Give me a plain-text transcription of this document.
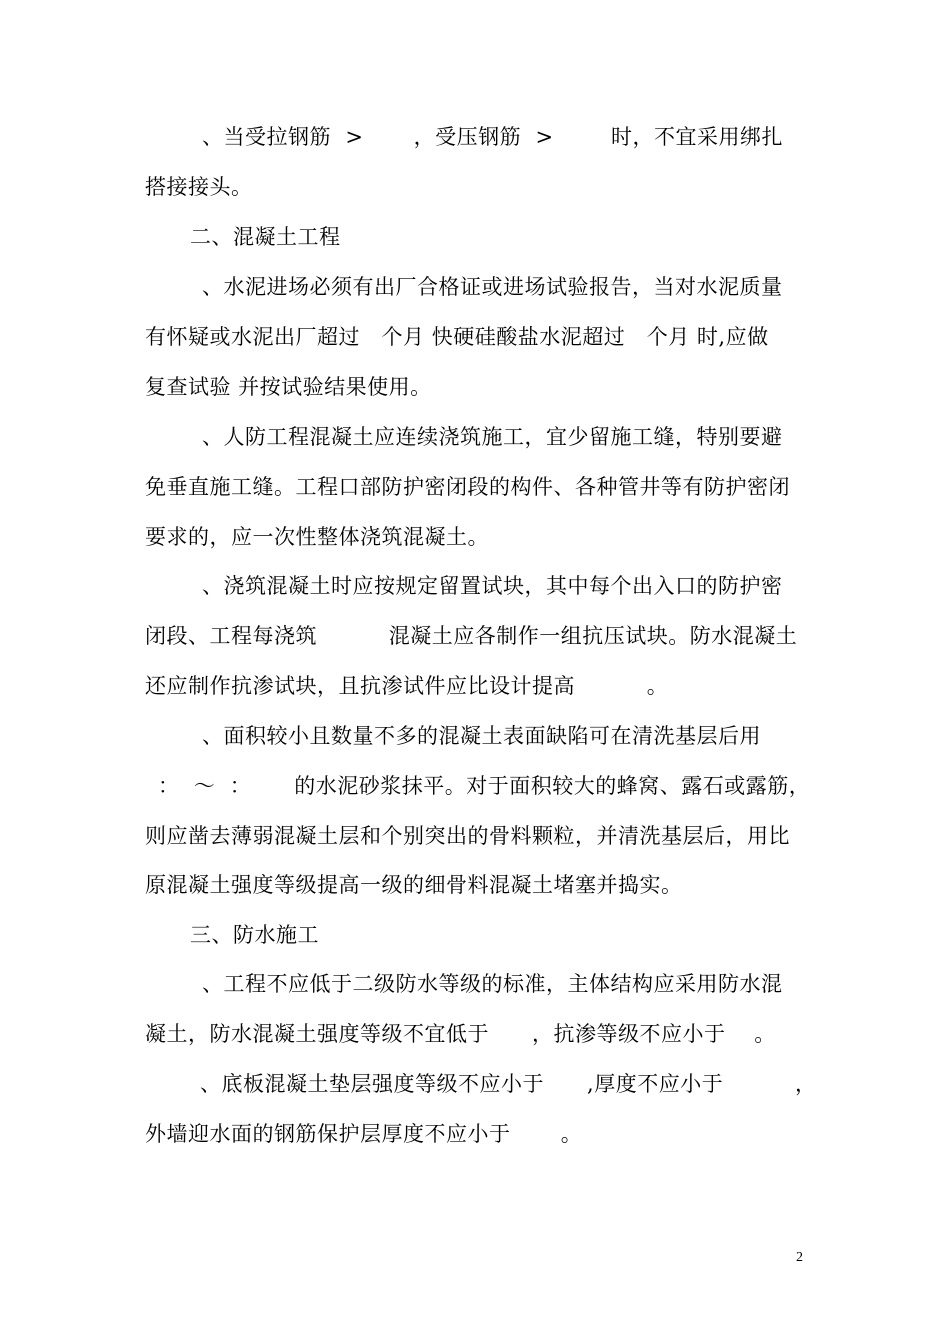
、当受拉钢筋  >       ，受压钢筋  >        时，不宜采用绑扎
搭接接头。
二、混凝土工程
、水泥进场必须有出厂合格证或进场试验报告，当对水泥质量
有怀疑或水泥出厂超过   个月 快硬硅酸盐水泥超过   个月 时,应做
复查试验 并按试验结果使用。
、人防工程混凝土应连续浇筑施工，宜少留施工缝，特别要避
免垂直施工缝。工程口部防护密闭段的构件、各种管井等有防护密闭
要求的，应一次性整体浇筑混凝土。
、浇筑混凝土时应按规定留置试块，其中每个出入口的防护密
闭段、工程每浇筑          混凝土应各制作一组抗压试块。防水混凝土
还应制作抗渗试块，且抗渗试件应比设计提高          。
、面积较小且数量不多的混凝土表面缺陷可在清洗基层后用
：  ～  ：      的水泥砂浆抹平。对于面积较大的蜂窝、露石或露筋，
则应凿去薄弱混凝土层和个别突出的骨料颗粒，并清洗基层后，用比
原混凝土强度等级提高一级的细骨料混凝土堵塞并捣实。
三、防水施工
、工程不应低于二级防水等级的标准，主体结构应采用防水混
凝土，防水混凝土强度等级不宜低于      ，抗渗等级不应小于    。
、底板混凝土垫层强度等级不应小于      ,厚度不应小于          ，
外墙迎水面的钢筋保护层厚度不应小于       。
2
